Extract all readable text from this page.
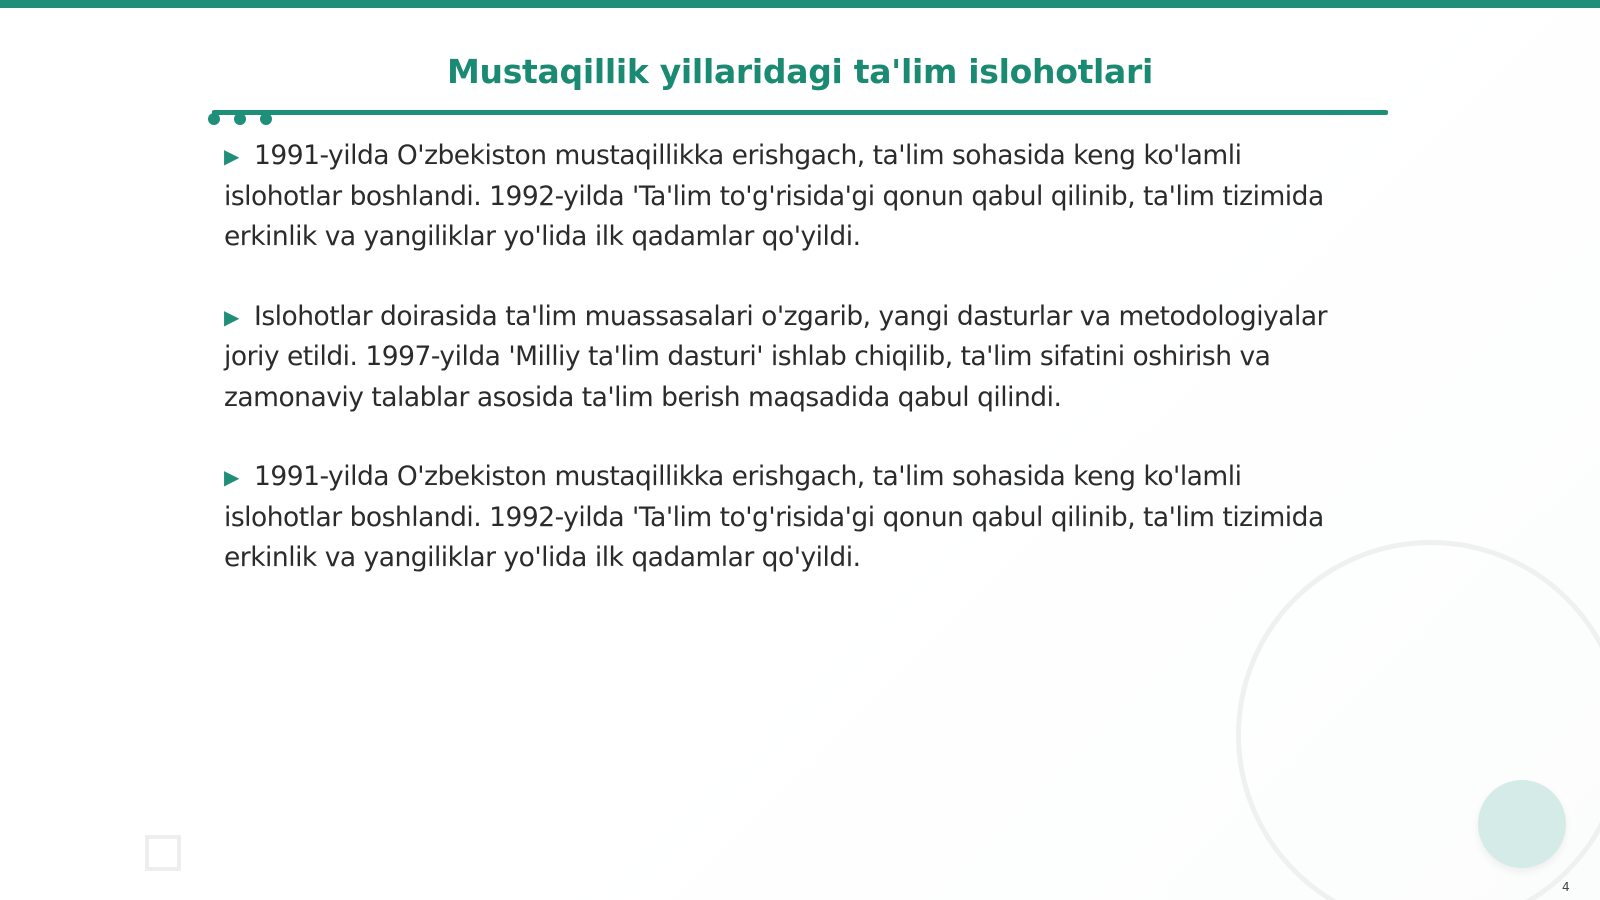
Mustaqillik yillaridagi ta'lim islohotlari

▶ 1991-yilda O'zbekiston mustaqillikka erishgach, ta'lim sohasida keng ko'lamli islohotlar boshlandi. 1992-yilda 'Ta'lim to'g'risida'gi qonun qabul qilinib, ta'lim tizimida erkinlik va yangiliklar yo'lida ilk qadamlar qo'yildi.

▶ Islohotlar doirasida ta'lim muassasalari o'zgarib, yangi dasturlar va metodologiyalar joriy etildi. 1997-yilda 'Milliy ta'lim dasturi' ishlab chiqilib, ta'lim sifatini oshirish va zamonaviy talablar asosida ta'lim berish maqsadida qabul qilindi.

▶ 1991-yilda O'zbekiston mustaqillikka erishgach, ta'lim sohasida keng ko'lamli islohotlar boshlandi. 1992-yilda 'Ta'lim to'g'risida'gi qonun qabul qilinib, ta'lim tizimida erkinlik va yangiliklar yo'lida ilk qadamlar qo'yildi.

4
